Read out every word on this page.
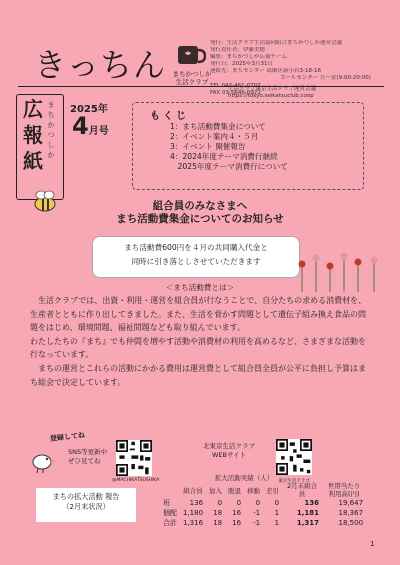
きっちん まちかつしか
生活クラブ
発行：生活クラブ生活協同組合まちかつしか運営会議
発行責任者：伊藤美穂
編集：まちかつしか広報チーム
発行日：2025年3月31日
連絡先：まちセンター 葛飾区新小岩3-18-16
コールセンター 月～金(9:00-20:00)
FAX 03-5646-0972
生活クラブ東京生活クラブ運営会議
https://tokyo.seikatsuclub.coop
広
報
紙
ま
ち
か
つ
し
か
2025年
4月号
もくじ
1：まち活動費集金について
2：イベント案内４・５月
3：イベント 開催報告
4：2024年度テーマ消費行継続
　2025年度テーマ消費行について
組合員のみなさまへ
まち活動費集金についてのお知らせ
まち活動費600円を４月の共同購入代金と
同時に引き落としさせていただきます
＜まち活動費とは＞

生活クラブでは、出資・利用・運営を組合員が行なうことで、自分たちの求める消費材を、生産者とともに作り出してきました。また、生活を脅かす問題として遺伝子組み換え食品の問題をはじめ、環境問題、福祉問題なども取り組んでいます。

わたしたちの『まち』でも仲間を増やす活動や消費材の利用を高めるなど、さまざまな活動を行なっています。

まちの運営とこれらの活動にかかる費用は運営費として組合員全員が公平に負担し予算はまち総会で決定しています。

登録してね
SNS等更新中
ぜひ見てね
@MACHIKATSUSHIKA
北東京生活クラブ
WEBサイト
東京生活クラブ
まちの拡大活動 報告
（2月末状況）
		拡大活動実績（人）					
	組合員	加入	脱退	移動	差引	2月末組合員	世帯当たり利用高(円)
班	136	0	0	0	0	136	19,647
個配	1,180	18	16	-1	1	1,181	18,367
合計	1,316	18	16	-1	1	1,317	18,500
1
